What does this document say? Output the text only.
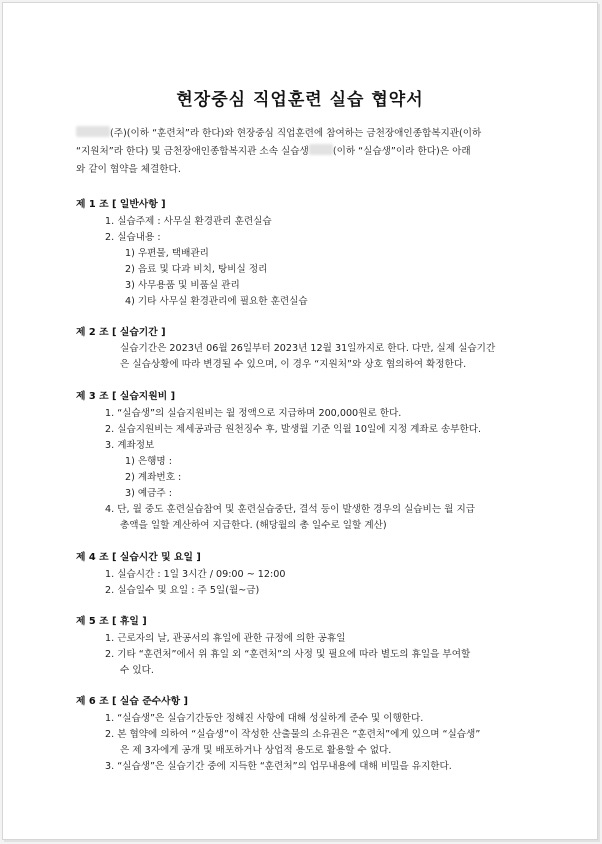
현장중심 직업훈련 실습 협약서
(주)(이하 “훈련처”라 한다)와 현장중심 직업훈련에 참여하는 금천장애인종합복지관(이하
“지원처”라 한다) 및 금천장애인종합복지관 소속 실습생	(이하 “실습생”이라 한다)은 아래
와 같이 협약을 체결한다.
제 1 조 [ 일반사항 ]
1. 실습주제 : 사무실 환경관리 훈련실습
2. 실습내용 :
1) 우편물, 택배관리
2) 음료 및 다과 비치, 탕비실 정리
3) 사무용품 및 비품실 관리
4) 기타 사무실 환경관리에 필요한 훈련실습
제 2 조 [ 실습기간 ]
실습기간은 2023년 06월 26일부터 2023년 12월 31일까지로 한다. 다만, 실제 실습기간
은 실습상황에 따라 변경될 수 있으며, 이 경우 “지원처”와 상호 협의하여 확정한다.
제 3 조 [ 실습지원비 ]
1. “실습생”의 실습지원비는 월 정액으로 지급하며 200,000원로 한다.
2. 실습지원비는 제세공과금 원천징수 후, 발생월 기준 익월 10일에 지정 계좌로 송부한다.
3. 계좌정보
1) 은행명 :
2) 계좌번호 :
3) 예금주 :
4. 단, 월 중도 훈련실습참여 및 훈련실습중단, 결석 등이 발생한 경우의 실습비는 월 지급
총액을 일할 계산하여 지급한다. (해당월의 총 일수로 일할 계산)
제 4 조 [ 실습시간 및 요일 ]
1. 실습시간 : 1일 3시간 / 09:00 ~ 12:00
2. 실습일수 및 요일 : 주 5일(월~금)
제 5 조 [ 휴일 ]
1. 근로자의 날, 관공서의 휴일에 관한 규정에 의한 공휴일
2. 기타 “훈련처”에서 위 휴일 외 “훈련처”의 사정 및 필요에 따라 별도의 휴일을 부여할
수 있다.
제 6 조 [ 실습 준수사항 ]
1. “실습생”은 실습기간동안 정해진 사항에 대해 성실하게 준수 및 이행한다.
2. 본 협약에 의하여 “실습생”이 작성한 산출물의 소유권은 “훈련처”에게 있으며 “실습생”
은 제 3자에게 공개 및 배포하거나 상업적 용도로 활용할 수 없다.
3. “실습생”은 실습기간 중에 지득한 “훈련처”의 업무내용에 대해 비밀을 유지한다.
